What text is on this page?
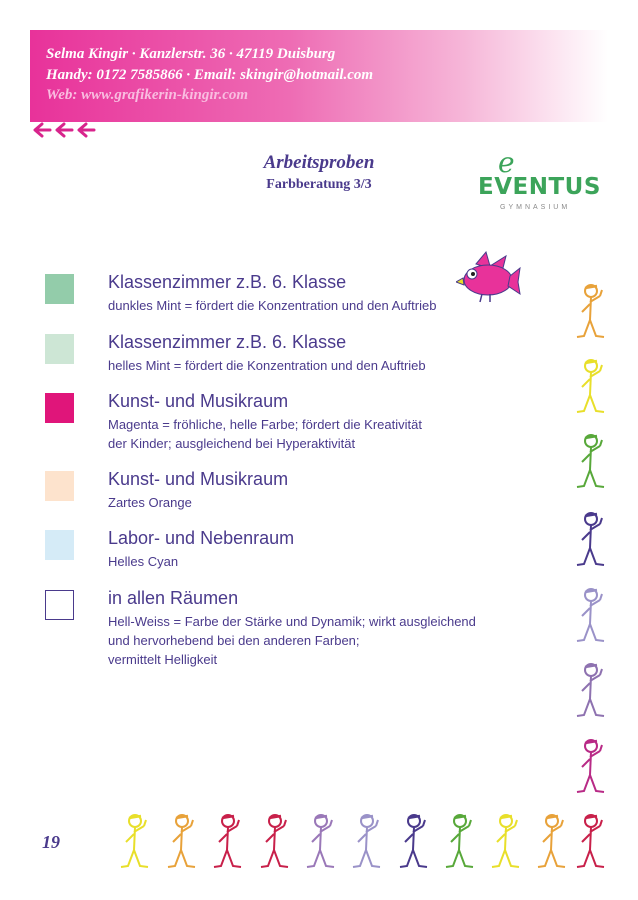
Selma Kingir · Kanzlerstr. 36 · 47119 Duisburg
Handy: 0172 7585866 · Email: skingir@hotmail.com
Web: www.grafikerin-kingir.com
Arbeitsproben
Farbberatung 3/3
e
EVENTUS
GYMNASIUM
Klassenzimmer z.B. 6. Klasse
dunkles Mint = fördert die Konzentration und den Auftrieb
Klassenzimmer z.B. 6. Klasse
helles Mint = fördert die Konzentration und den Auftrieb
Kunst- und Musikraum
Magenta = fröhliche, helle Farbe; fördert die Kreativität
der Kinder; ausgleichend bei Hyperaktivität
Kunst- und Musikraum
Zartes Orange
Labor- und Nebenraum
Helles Cyan
in allen Räumen
Hell-Weiss = Farbe der Stärke und Dynamik; wirkt ausgleichend
und hervorhebend bei den anderen Farben;
vermittelt Helligkeit
19
